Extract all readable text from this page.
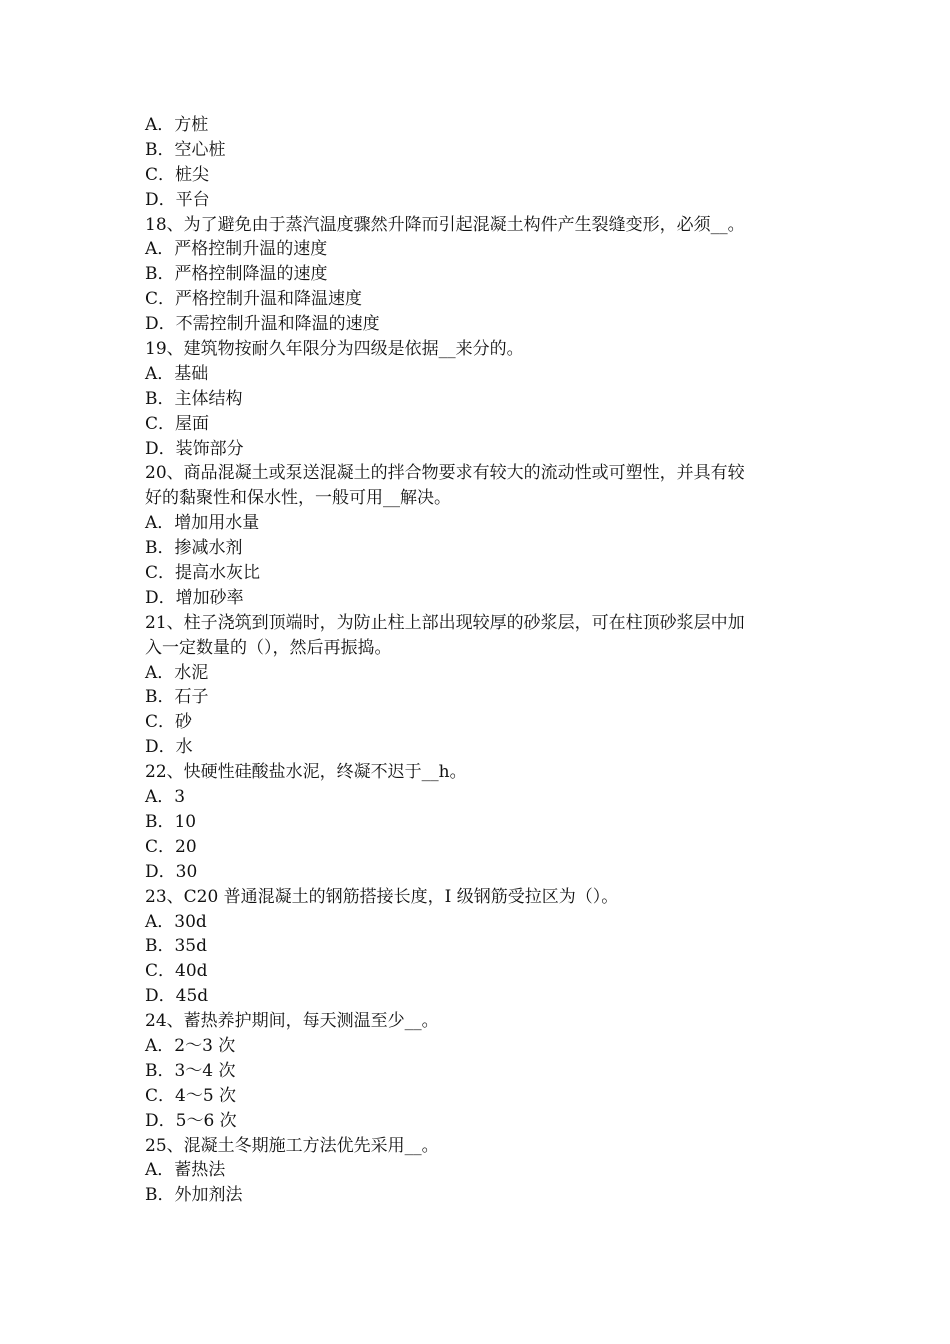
A．方桩
B．空心桩
C．桩尖
D．平台
18、为了避免由于蒸汽温度骤然升降而引起混凝土构件产生裂缝变形，必须__。
A．严格控制升温的速度
B．严格控制降温的速度
C．严格控制升温和降温速度
D．不需控制升温和降温的速度
19、建筑物按耐久年限分为四级是依据__来分的。
A．基础
B．主体结构
C．屋面
D．装饰部分
20、商品混凝土或泵送混凝土的拌合物要求有较大的流动性或可塑性，并具有较
好的黏聚性和保水性，一般可用__解决。
A．增加用水量
B．掺减水剂
C．提高水灰比
D．增加砂率
21、柱子浇筑到顶端时，为防止柱上部出现较厚的砂浆层，可在柱顶砂浆层中加
入一定数量的（），然后再振捣。
A．水泥
B．石子
C．砂
D．水
22、快硬性硅酸盐水泥，终凝不迟于__h。
A．3
B．10
C．20
D．30
23、C20 普通混凝土的钢筋搭接长度，I 级钢筋受拉区为（）。
A．30d
B．35d
C．40d
D．45d
24、蓄热养护期间，每天测温至少__。
A．2～3 次
B．3～4 次
C．4～5 次
D．5～6 次
25、混凝土冬期施工方法优先采用__。
A．蓄热法
B．外加剂法
